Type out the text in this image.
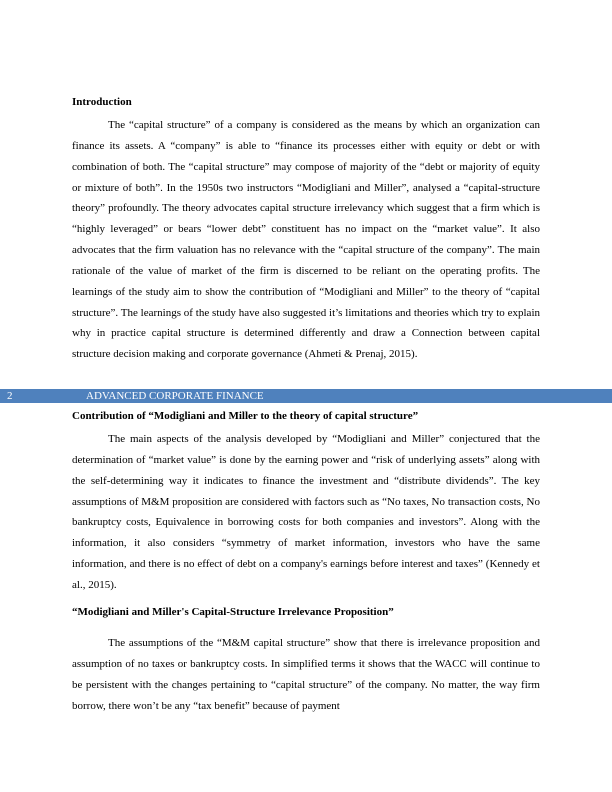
Introduction

The “capital structure” of a company is considered as the means by which an organization can finance its assets. A “company” is able to “finance its processes either with equity or debt or with combination of both. The “capital structure” may compose of majority of the “debt or majority of equity or mixture of both”. In the 1950s two instructors “Modigliani and Miller”, analysed a “capital-structure theory” profoundly. The theory advocates capital structure irrelevancy which suggest that a firm which is “highly leveraged” or bears “lower debt” constituent has no impact on the “market value”. It also advocates that the firm valuation has no relevance with the “capital structure of the company”. The main rationale of the value of market of the firm is discerned to be reliant on the operating profits. The learnings of the study aim to show the contribution of “Modigliani and Miller” to the theory of “capital structure”. The learnings of the study have also suggested it’s limitations and theories which try to explain why in practice capital structure is determined differently and draw a Connection between capital structure decision making and corporate governance (Ahmeti & Prenaj, 2015).

2	ADVANCED CORPORATE FINANCE

Contribution of “Modigliani and Miller to the theory of capital structure”

The main aspects of the analysis developed by “Modigliani and Miller” conjectured that the determination of “market value” is done by the earning power and “risk of underlying assets” along with the self-determining way it indicates to finance the investment and “distribute dividends”. The key assumptions of M&M proposition are considered with factors such as “No taxes, No transaction costs, No bankruptcy costs, Equivalence in borrowing costs for both companies and investors”. Along with the information, it also considers “symmetry of market information, investors who have the same information, and there is no effect of debt on a company's earnings before interest and taxes” (Kennedy et al., 2015).

“Modigliani and Miller's Capital-Structure Irrelevance Proposition”

The assumptions of the “M&M capital structure” show that there is irrelevance proposition and assumption of no taxes or bankruptcy costs. In simplified terms it shows that the WACC will continue to be persistent with the changes pertaining to “capital structure” of the company. No matter, the way firm borrow, there won’t be any “tax benefit” because of payment
